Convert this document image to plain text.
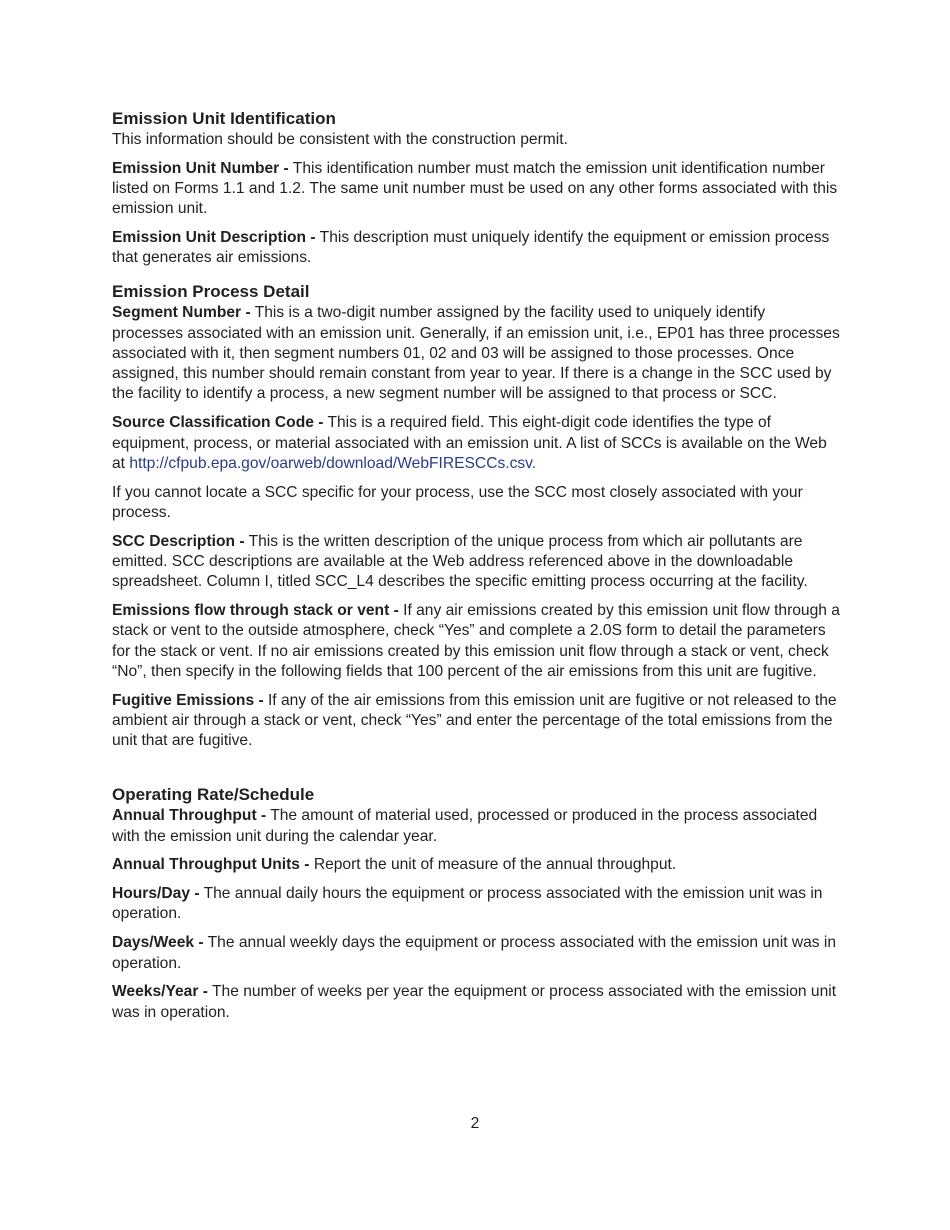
Emission Unit Identification

This information should be consistent with the construction permit.

Emission Unit Number - This identification number must match the emission unit identification number listed on Forms 1.1 and 1.2. The same unit number must be used on any other forms associated with this emission unit.

Emission Unit Description - This description must uniquely identify the equipment or emission process that generates air emissions.

Emission Process Detail

Segment Number - This is a two-digit number assigned by the facility used to uniquely identify processes associated with an emission unit. Generally, if an emission unit, i.e., EP01 has three processes associated with it, then segment numbers 01, 02 and 03 will be assigned to those processes. Once assigned, this number should remain constant from year to year. If there is a change in the SCC used by the facility to identify a process, a new segment number will be assigned to that process or SCC.

Source Classification Code - This is a required field. This eight-digit code identifies the type of equipment, process, or material associated with an emission unit. A list of SCCs is available on the Web at http://cfpub.epa.gov/oarweb/download/WebFIRESCCs.csv.

If you cannot locate a SCC specific for your process, use the SCC most closely associated with your process.

SCC Description - This is the written description of the unique process from which air pollutants are emitted. SCC descriptions are available at the Web address referenced above in the downloadable spreadsheet. Column I, titled SCC_L4 describes the specific emitting process occurring at the facility.

Emissions flow through stack or vent - If any air emissions created by this emission unit flow through a stack or vent to the outside atmosphere, check “Yes” and complete a 2.0S form to detail the parameters for the stack or vent. If no air emissions created by this emission unit flow through a stack or vent, check “No”, then specify in the following fields that 100 percent of the air emissions from this unit are fugitive.

Fugitive Emissions - If any of the air emissions from this emission unit are fugitive or not released to the ambient air through a stack or vent, check “Yes” and enter the percentage of the total emissions from the unit that are fugitive.

Operating Rate/Schedule

Annual Throughput - The amount of material used, processed or produced in the process associated with the emission unit during the calendar year.

Annual Throughput Units - Report the unit of measure of the annual throughput.

Hours/Day - The annual daily hours the equipment or process associated with the emission unit was in operation.

Days/Week - The annual weekly days the equipment or process associated with the emission unit was in operation.

Weeks/Year - The number of weeks per year the equipment or process associated with the emission unit was in operation.

2
